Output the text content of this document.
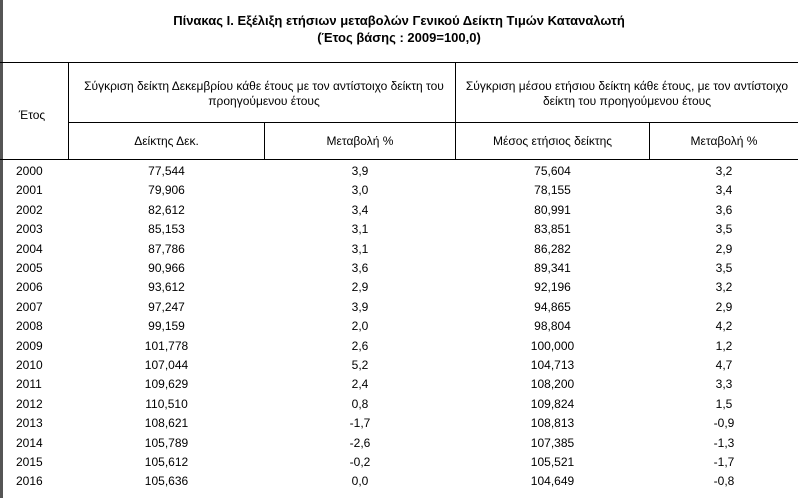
Πίνακας Ι. Εξέλιξη ετήσιων μεταβολών Γενικού Δείκτη Τιμών Καταναλωτή
(Έτος βάσης : 2009=100,0)
Έτος
Σύγκριση δείκτη Δεκεμβρίου κάθε έτους με τον αντίστοιχο δείκτη του προηγούμενου έτους
Σύγκριση μέσου ετήσιου δείκτη κάθε έτους, με τον αντίστοιχο δείκτη του προηγούμενου έτους
Δείκτης Δεκ.	Μεταβολή %	Μέσος ετήσιος δείκτης	Μεταβολή %
2000	77,544	3,9	75,604	3,2
2001	79,906	3,0	78,155	3,4
2002	82,612	3,4	80,991	3,6
2003	85,153	3,1	83,851	3,5
2004	87,786	3,1	86,282	2,9
2005	90,966	3,6	89,341	3,5
2006	93,612	2,9	92,196	3,2
2007	97,247	3,9	94,865	2,9
2008	99,159	2,0	98,804	4,2
2009	101,778	2,6	100,000	1,2
2010	107,044	5,2	104,713	4,7
2011	109,629	2,4	108,200	3,3
2012	110,510	0,8	109,824	1,5
2013	108,621	-1,7	108,813	-0,9
2014	105,789	-2,6	107,385	-1,3
2015	105,612	-0,2	105,521	-1,7
2016	105,636	0,0	104,649	-0,8
